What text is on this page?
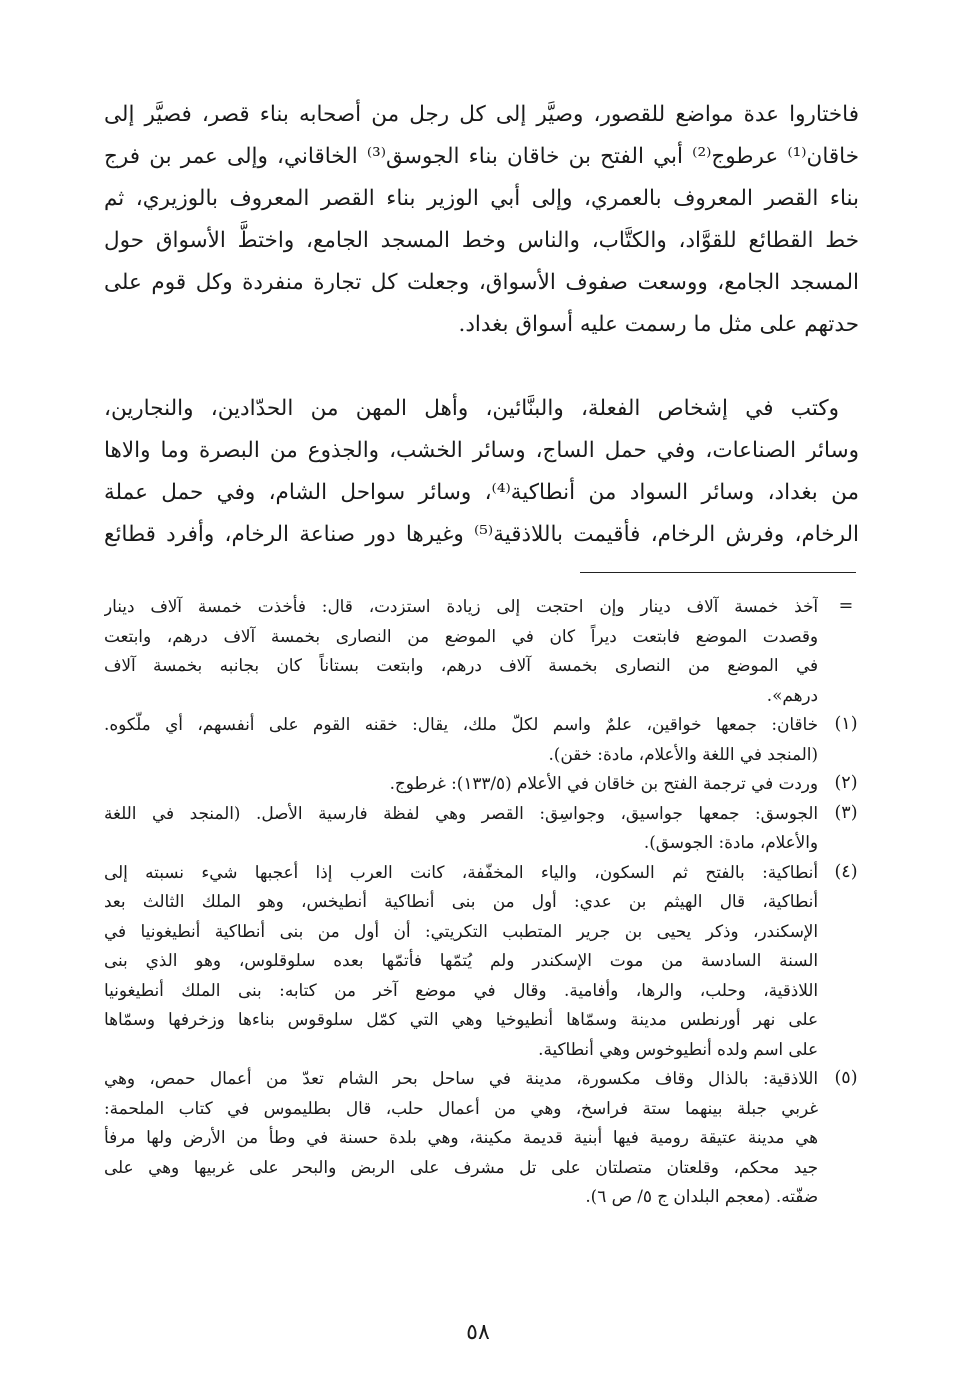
فاختاروا عدة مواضع للقصور، وصيَّر إلى كل رجل من أصحابه بناء قصر، فصيَّر إلى
خاقان⁽¹⁾ عرطوج⁽²⁾ أبي الفتح بن خاقان بناء الجوسق⁽³⁾ الخاقاني، وإلى عمر بن فرج
بناء القصر المعروف بالعمري، وإلى أبي الوزير بناء القصر المعروف بالوزيري، ثم
خط القطائع للقوَّاد، والكتَّاب، والناس وخط المسجد الجامع، واختطَّ الأسواق حول
المسجد الجامع، ووسعت صفوف الأسواق، وجعلت كل تجارة منفردة وكل قوم على
حدتهم على مثل ما رسمت عليه أسواق بغداد.
وكتب في إشخاص الفعلة، والبنَّائين، وأهل المهن من الحدّادين، والنجارين،
وسائر الصناعات، وفي حمل الساج، وسائر الخشب، والجذوع من البصرة وما والاها
من بغداد، وسائر السواد من أنطاكية⁽⁴⁾، وسائر سواحل الشام، وفي حمل عملة
الرخام، وفرش الرخام، فأقيمت باللاذقية⁽⁵⁾ وغيرها دور صناعة الرخام، وأفرد قطائع
=
آخذ خمسة آلاف دينار وإن احتجت إلى زيادة استزدت، قال: فأخذت خمسة آلاف دينار
وقصدت الموضع فابتعت ديراً كان في الموضع من النصارى بخمسة آلاف درهم، وابتعت
في الموضع من النصارى بخمسة آلاف درهم، وابتعت بستاناً كان بجانبه بخمسة آلاف
درهم».
(١)
خاقان: جمعها خواقين، علمٌ واسم لكلّ ملك، يقال: خقنه القوم على أنفسهم، أي ملّكوه.
(المنجد في اللغة والأعلام، مادة: خقن).
(٢)
وردت في ترجمة الفتح بن خاقان في الأعلام (١٣٣/٥): غرطوج.
(٣)
الجوسق: جمعها جواسيق، وجواسِق: القصر وهي لفظة فارسية الأصل. (المنجد في اللغة
والأعلام، مادة: الجوسق).
(٤)
أنطاكية: بالفتح ثم السكون، والياء المخفّفة، كانت العرب إذا أعجبها شيء نسبته إلى
أنطاكية، قال الهيثم بن عدي: أول من بنى أنطاكية أنطيخس، وهو الملك الثالث بعد
الإسكندر، وذكر يحيى بن جرير المتطبب التكريتي: أن أول من بنى أنطاكية أنطيغونيا في
السنة السادسة من موت الإسكندر ولم يُتمّها فأتمّها بعده سلوقلوس، وهو الذي بنى
اللاذقية، وحلب، والرها، وأفامية. وقال في موضع آخر من كتابه: بنى الملك أنطيغونيا
على نهر أورنطس مدينة وسمّاها أنطيوخيا وهي التي كمّل سلوقوس بناءها وزخرفها وسمّاها
على اسم ولده أنطيوخوس وهي أنطاكية.
(٥)
اللاذقية: بالذال وقاف مكسورة، مدينة في ساحل بحر الشام تعدّ من أعمال حمص، وهي
غربي جبلة بينهما ستة فراسخ، وهي من أعمال حلب، قال بطليموس في كتاب الملحمة:
هي مدينة عتيقة رومية فيها أبنية قديمة مكينة، وهي بلدة حسنة في وطأ من الأرض ولها مرفأ
جيد محكم، وقلعتان متصلتان على تل مشرف على الربض والبحر على غربيها وهي على
ضفّته. (معجم البلدان ج ٥/ ص ٦).
٥٨
